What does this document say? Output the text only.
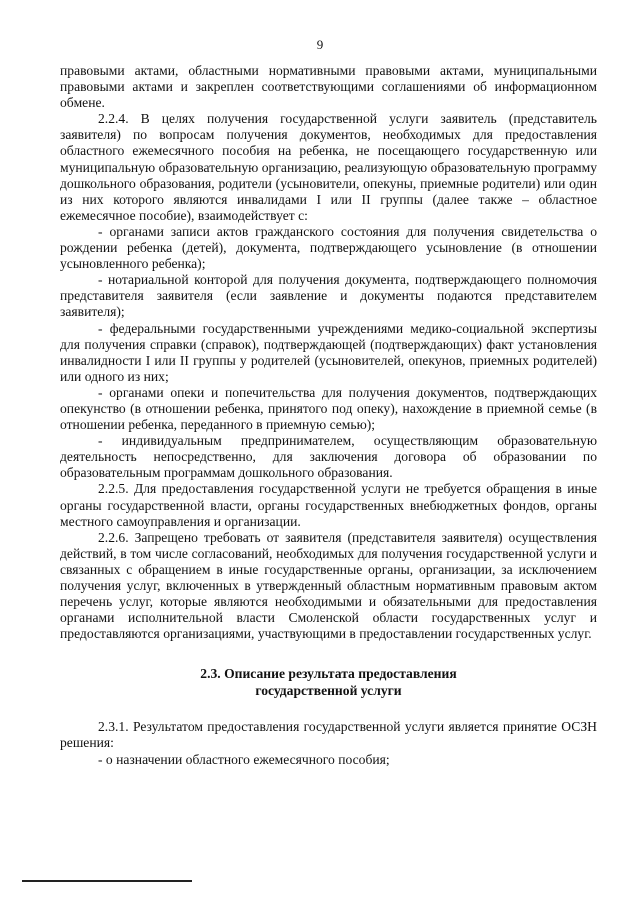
9

правовыми актами, областными нормативными правовыми актами, муниципальными правовыми актами и закреплен соответствующими соглашениями об информационном обмене.

2.2.4. В целях получения государственной услуги заявитель (представитель заявителя) по вопросам получения документов, необходимых для предоставления областного ежемесячного пособия на ребенка, не посещающего государственную или муниципальную образовательную организацию, реализующую образовательную программу дошкольного образования, родители (усыновители, опекуны, приемные родители) или один из них которого являются инвалидами I или II группы (далее также – областное ежемесячное пособие), взаимодействует с:

- органами записи актов гражданского состояния для получения свидетельства о рождении ребенка (детей), документа, подтверждающего усыновление (в отношении усыновленного ребенка);

- нотариальной конторой для получения документа, подтверждающего полномочия представителя заявителя (если заявление и документы подаются представителем заявителя);

- федеральными государственными учреждениями медико-социальной экспертизы для получения справки (справок), подтверждающей (подтверждающих) факт установления инвалидности I или II группы у родителей (усыновителей, опекунов, приемных родителей) или одного из них;

- органами опеки и попечительства для получения документов, подтверждающих опекунство (в отношении ребенка, принятого под опеку), нахождение в приемной семье (в отношении ребенка, переданного в приемную семью);

- индивидуальным предпринимателем, осуществляющим образовательную деятельность непосредственно, для заключения договора об образовании по образовательным программам дошкольного образования.

2.2.5. Для предоставления государственной услуги не требуется обращения в иные органы государственной власти, органы государственных внебюджетных фондов, органы местного самоуправления и организации.

2.2.6. Запрещено требовать от заявителя (представителя заявителя) осуществления действий, в том числе согласований, необходимых для получения государственной услуги и связанных с обращением в иные государственные органы, организации, за исключением получения услуг, включенных в утвержденный областным нормативным правовым актом перечень услуг, которые являются необходимыми и обязательными для предоставления органами исполнительной власти Смоленской области государственных услуг и предоставляются организациями, участвующими в предоставлении государственных услуг.

2.3. Описание результата предоставления
государственной услуги

2.3.1. Результатом предоставления государственной услуги является принятие ОСЗН решения:

- о назначении областного ежемесячного пособия;
